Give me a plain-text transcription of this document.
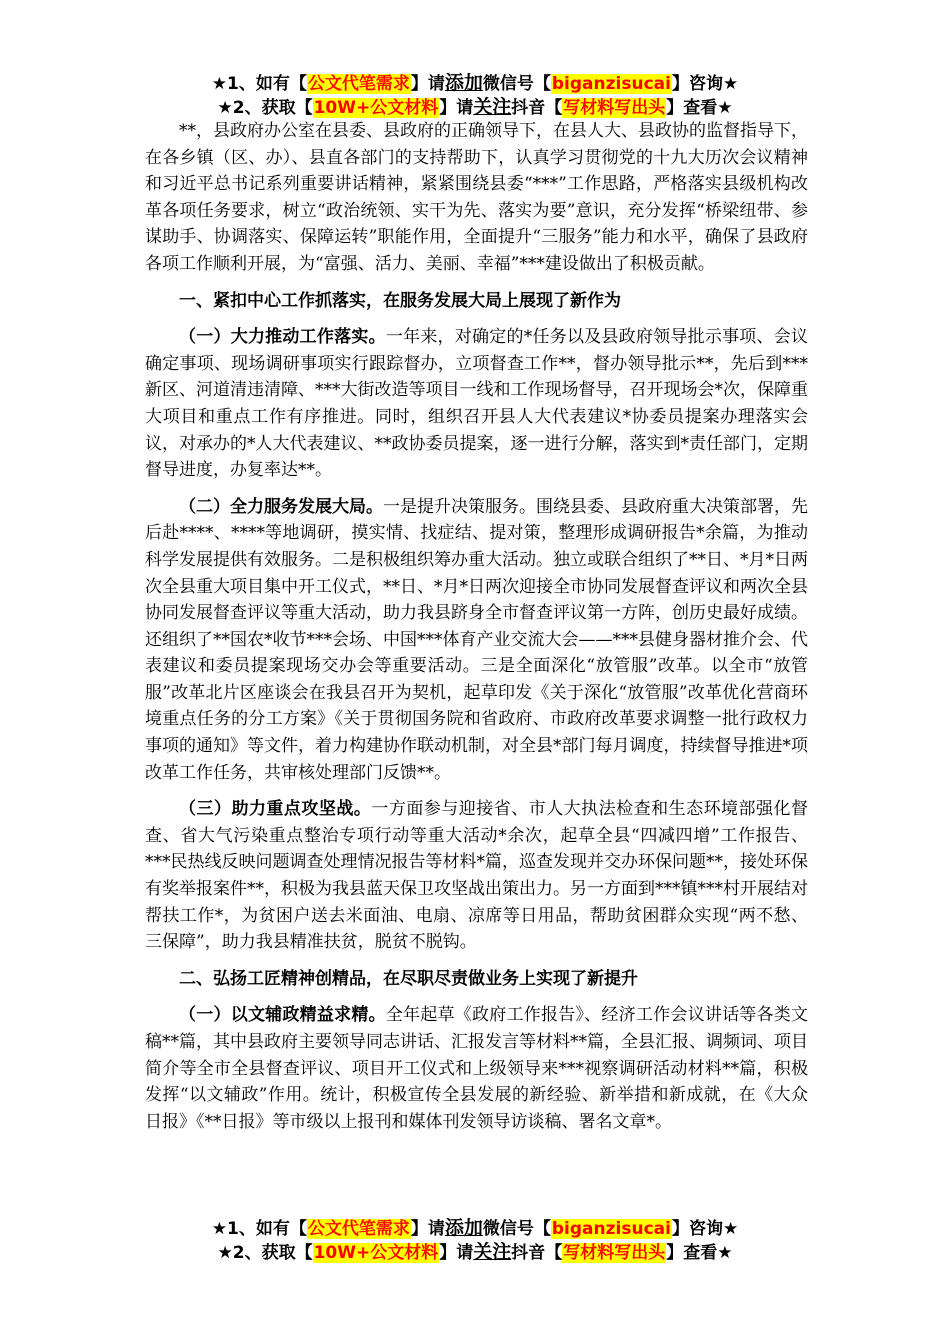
★1、如有【公文代笔需求】请添加微信号【biganzisucai】咨询★
★2、获取【10W+公文材料】请关注抖音【写材料写出头】查看★

**，县政府办公室在县委、县政府的正确领导下，在县人大、县政协的监督指导下，在各乡镇（区、办）、县直各部门的支持帮助下，认真学习贯彻党的十九大历次会议精神和习近平总书记系列重要讲话精神，紧紧围绕县委“***”工作思路，严格落实县级机构改革各项任务要求，树立“政治统领、实干为先、落实为要”意识，充分发挥“桥梁纽带、参谋助手、协调落实、保障运转”职能作用，全面提升“三服务”能力和水平，确保了县政府各项工作顺利开展，为“富强、活力、美丽、幸福”***建设做出了积极贡献。

一、紧扣中心工作抓落实，在服务发展大局上展现了新作为

（一）大力推动工作落实。一年来，对确定的*任务以及县政府领导批示事项、会议确定事项、现场调研事项实行跟踪督办，立项督查工作**，督办领导批示**，先后到***新区、河道清违清障、***大街改造等项目一线和工作现场督导，召开现场会*次，保障重大项目和重点工作有序推进。同时，组织召开县人大代表建议*协委员提案办理落实会议，对承办的*人大代表建议、**政协委员提案，逐一进行分解，落实到*责任部门，定期督导进度，办复率达**。

（二）全力服务发展大局。一是提升决策服务。围绕县委、县政府重大决策部署，先后赴****、****等地调研，摸实情、找症结、提对策，整理形成调研报告*余篇，为推动科学发展提供有效服务。二是积极组织筹办重大活动。独立或联合组织了**日、*月*日两次全县重大项目集中开工仪式，**日、*月*日两次迎接全市协同发展督查评议和两次全县协同发展督查评议等重大活动，助力我县跻身全市督查评议第一方阵，创历史最好成绩。还组织了**国农*收节***会场、中国***体育产业交流大会——***县健身器材推介会、代表建议和委员提案现场交办会等重要活动。三是全面深化“放管服”改革。以全市“放管服”改革北片区座谈会在我县召开为契机，起草印发《关于深化“放管服”改革优化营商环境重点任务的分工方案》《关于贯彻国务院和省政府、市政府改革要求调整一批行政权力事项的通知》等文件，着力构建协作联动机制，对全县*部门每月调度，持续督导推进*项改革工作任务，共审核处理部门反馈**。

（三）助力重点攻坚战。一方面参与迎接省、市人大执法检查和生态环境部强化督查、省大气污染重点整治专项行动等重大活动*余次，起草全县“四减四增”工作报告、***民热线反映问题调查处理情况报告等材料*篇，巡查发现并交办环保问题**，接处环保有奖举报案件**，积极为我县蓝天保卫攻坚战出策出力。另一方面到***镇***村开展结对帮扶工作*，为贫困户送去米面油、电扇、凉席等日用品，帮助贫困群众实现“两不愁、三保障”，助力我县精准扶贫，脱贫不脱钩。

二、弘扬工匠精神创精品，在尽职尽责做业务上实现了新提升

（一）以文辅政精益求精。全年起草《政府工作报告》、经济工作会议讲话等各类文稿**篇，其中县政府主要领导同志讲话、汇报发言等材料**篇，全县汇报、调频词、项目简介等全市全县督查评议、项目开工仪式和上级领导来***视察调研活动材料**篇，积极发挥“以文辅政”作用。统计，积极宣传全县发展的新经验、新举措和新成就，在《大众日报》《**日报》等市级以上报刊和媒体刊发领导访谈稿、署名文章*。

★1、如有【公文代笔需求】请添加微信号【biganzisucai】咨询★
★2、获取【10W+公文材料】请关注抖音【写材料写出头】查看★
